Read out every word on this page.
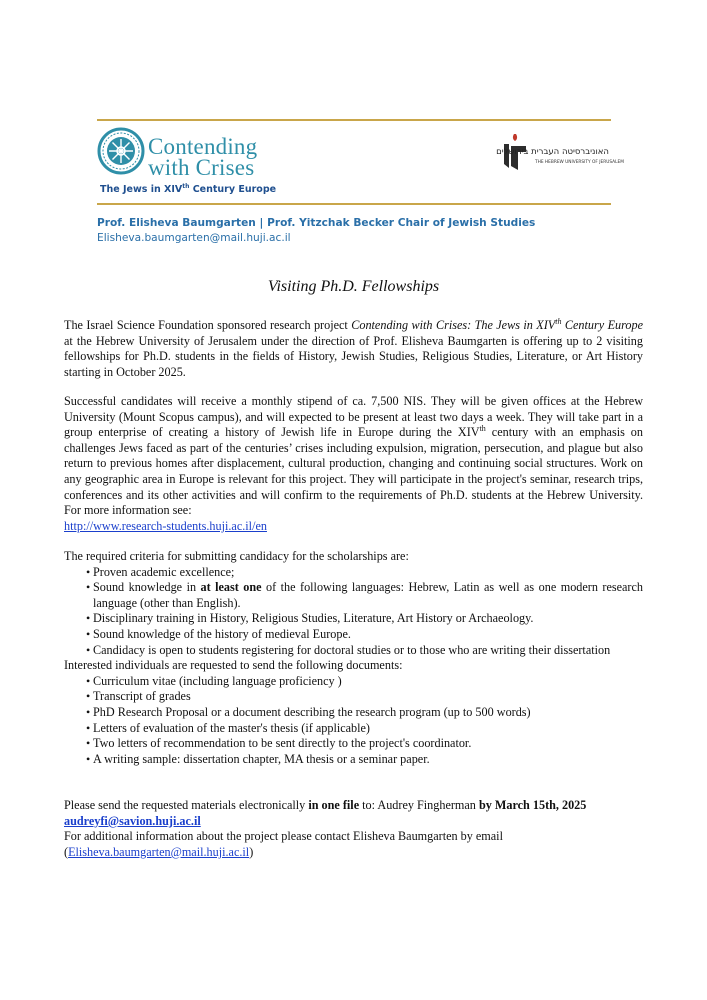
Contending
with Crises
The Jews in XIVth Century Europe
האוניברסיטה העברית בירושלים
THE HEBREW UNIVERSITY OF JERUSALEM
Prof. Elisheva Baumgarten | Prof. Yitzchak Becker Chair of Jewish Studies
Elisheva.baumgarten@mail.huji.ac.il
Visiting Ph.D. Fellowships

The Israel Science Foundation sponsored research project Contending with Crises: The Jews in XIVth Century Europe at the Hebrew University of Jerusalem under the direction of Prof. Elisheva Baumgarten is offering up to 2 visiting fellowships for Ph.D. students in the fields of History, Jewish Studies, Religious Studies, Literature, or Art History starting in October 2025.

Successful candidates will receive a monthly stipend of ca. 7,500 NIS. They will be given offices at the Hebrew University (Mount Scopus campus), and will expected to be present at least two days a week. They will take part in a group enterprise of creating a history of Jewish life in Europe during the XIVth century with an emphasis on challenges Jews faced as part of the centuries’ crises including expulsion, migration, persecution, and plague but also return to previous homes after displacement, cultural production, changing and continuing social structures. Work on any geographic area in Europe is relevant for this project. They will participate in the project's seminar, research trips, conferences and its other activities and will confirm to the requirements of Ph.D. students at the Hebrew University. For more information see:
http://www.research-students.huji.ac.il/en

The required criteria for submitting candidacy for the scholarships are:

• Proven academic excellence;
• Sound knowledge in at least one of the following languages: Hebrew, Latin as well as one modern research language (other than English).
• Disciplinary training in History, Religious Studies, Literature, Art History or Archaeology.
• Sound knowledge of the history of medieval Europe.
• Candidacy is open to students registering for doctoral studies or to those who are writing their dissertation

Interested individuals are requested to send the following documents:

• Curriculum vitae (including language proficiency )
• Transcript of grades
• PhD Research Proposal or a document describing the research program (up to 500 words)
• Letters of evaluation of the master's thesis (if applicable)
• Two letters of recommendation to be sent directly to the project's coordinator.
• A writing sample: dissertation chapter, MA thesis or a seminar paper.

Please send the requested materials electronically in one file to: Audrey Fingherman by March 15th, 2025
audreyfi@savion.huji.ac.il
For additional information about the project please contact Elisheva Baumgarten by email
(Elisheva.baumgarten@mail.huji.ac.il)
